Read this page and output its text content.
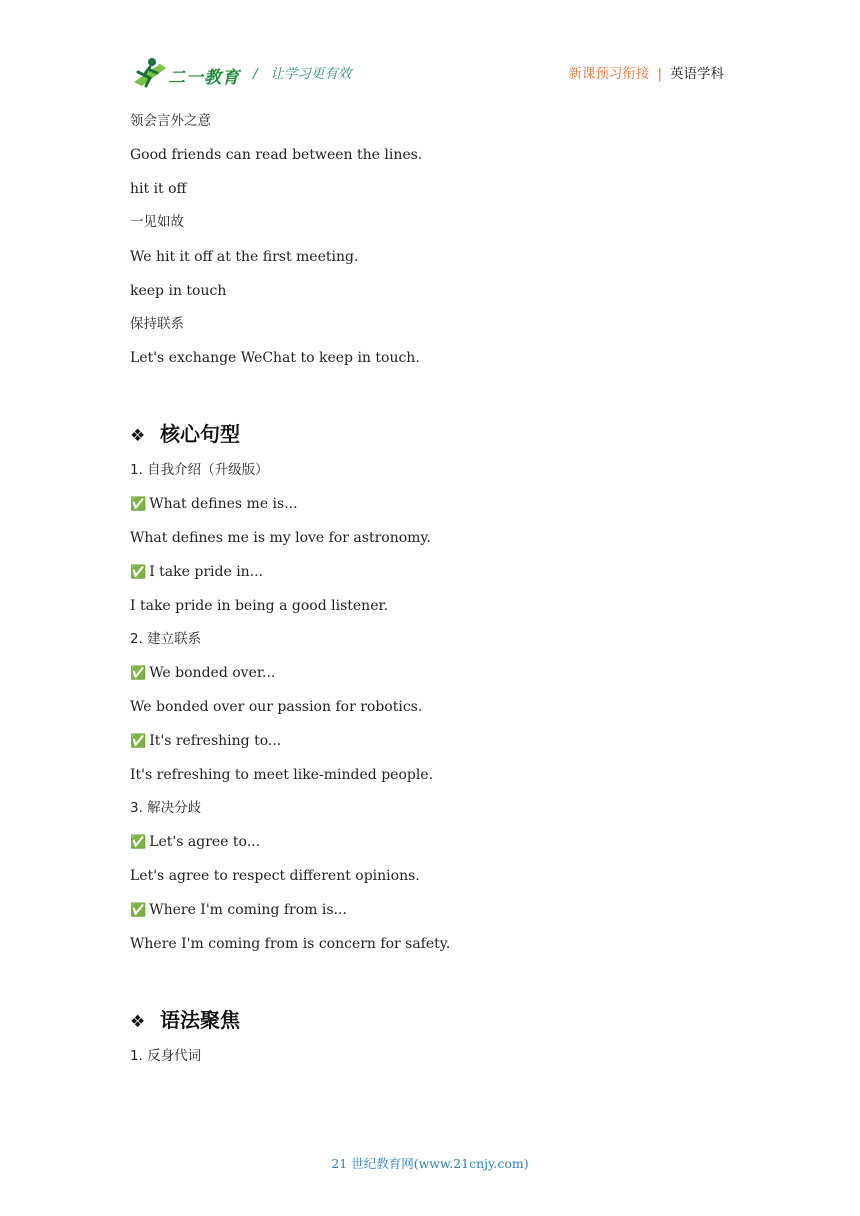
二一教育 / 让学习更有效	新课预习衔接 | 英语学科
领会言外之意
Good friends can read between the lines.
hit it off
一见如故
We hit it off at the first meeting.
keep in touch
保持联系
Let's exchange WeChat to keep in touch.
❖ 核心句型
1. 自我介绍（升级版）
✅ What defines me is...
What defines me is my love for astronomy.
✅ I take pride in...
I take pride in being a good listener.
2. 建立联系
✅ We bonded over...
We bonded over our passion for robotics.
✅ It's refreshing to...
It's refreshing to meet like-minded people.
3. 解决分歧
✅ Let's agree to...
Let's agree to respect different opinions.
✅ Where I'm coming from is...
Where I'm coming from is concern for safety.
❖ 语法聚焦
1. 反身代词
21 世纪教育网(www.21cnjy.com)
